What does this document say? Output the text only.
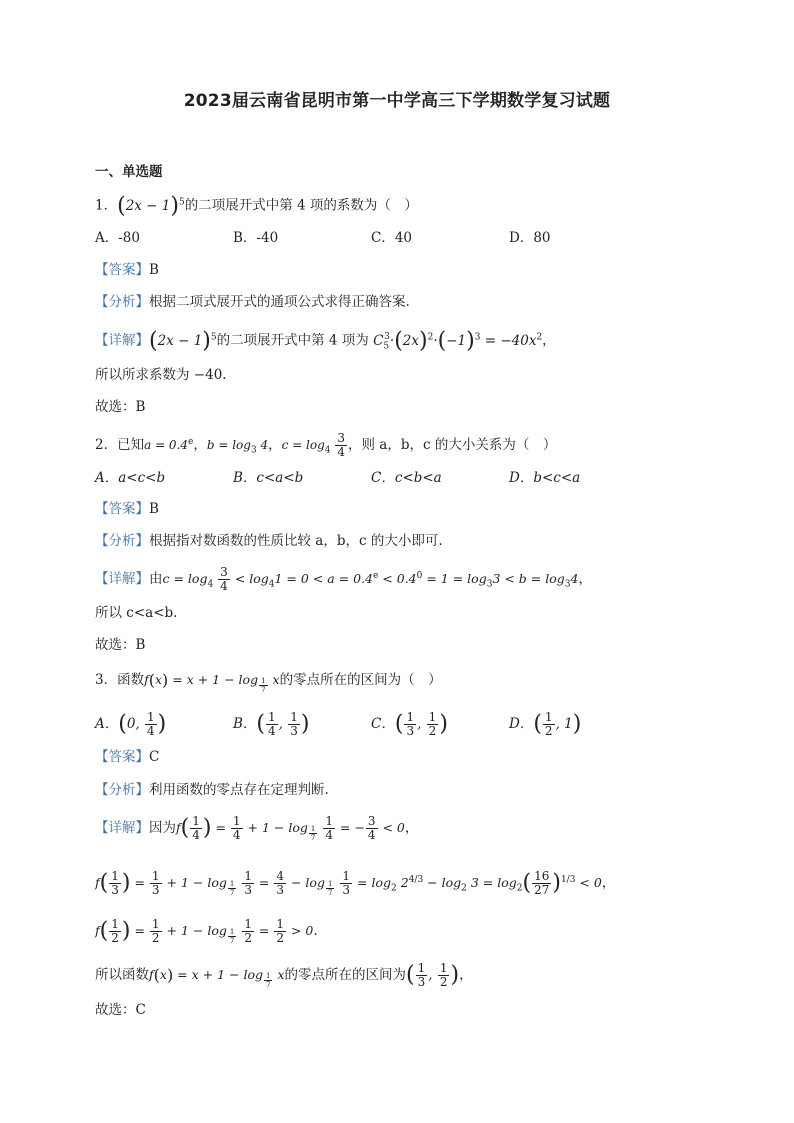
2023届云南省昆明市第一中学高三下学期数学复习试题
一、单选题
1．$(2x - 1)^5$的二项展开式中第 4 项的系数为（　）
A．-80	B．-40	C．40	D．80
【答案】B
【分析】根据二项式展开式的通项公式求得正确答案.
【详解】$(2x - 1)^5$的二项展开式中第 4 项为 $C_5^3\cdot(2x)^2\cdot(-1)^3 = -40x^2$，
所以所求系数为 −40.
故选：B
2．已知a = 0.4$^e$，$b = \log_3 4$，$c = \log_4 \frac{3}{4}$ ，则 a，b，c 的大小关系为（　）
A．a<c<b	B．c<a<b	C．c<b<a	D．b<c<a
【答案】B
【分析】根据指对数函数的性质比较 a，b，c 的大小即可.
【详解】由$c = \log_4 \frac{3}{4} < \log_41 = 0 < a = 0.4^e < 0.4^0 = 1 = \log_33 < b = \log_34$，
所以 c<a<b.
故选：B
3．函数f(x) = x + 1 − log $_{\frac{1}{7}}$ x的零点所在的区间为（　）
A．(0, $\frac{1}{4}$ )	B．( $\frac{1}{4}$ , $\frac{1}{3}$ )	C．( $\frac{1}{3}$ , $\frac{1}{2}$ )	D．( $\frac{1}{2}$ , 1)
【答案】C
【分析】利用函数的零点存在定理判断.
【详解】因为$f( \frac{1}{4}$ ) = $\frac{1}{4} + 1 - \log _{\frac{1}{7}}$
$\frac{1}{4}$ = − $\frac{3}{4} < 0$，
$f( \frac{1}{3}$ ) = $\frac{1}{3} + 1 - \log _{\frac{1}{7}}$
$\frac{1}{3} = \frac{4}{3} - \log _{\frac{1}{7}}$
$\frac{1}{3} = \log_2 2^{4/3} - \log_2 3 = \log_2( \frac{16}{27} )^{1/3} < 0$，
$f( \frac{1}{2}$ ) = $\frac{1}{2} + 1 - \log _{\frac{1}{7}}$
$\frac{1}{2} = \frac{1}{2} > 0$.
所以函数f(x) = x + 1 − log $_{\frac{1}{7}}$ x的零点所在的区间为( $\frac{1}{3}$ , $\frac{1}{2}$ )，
故选：C
